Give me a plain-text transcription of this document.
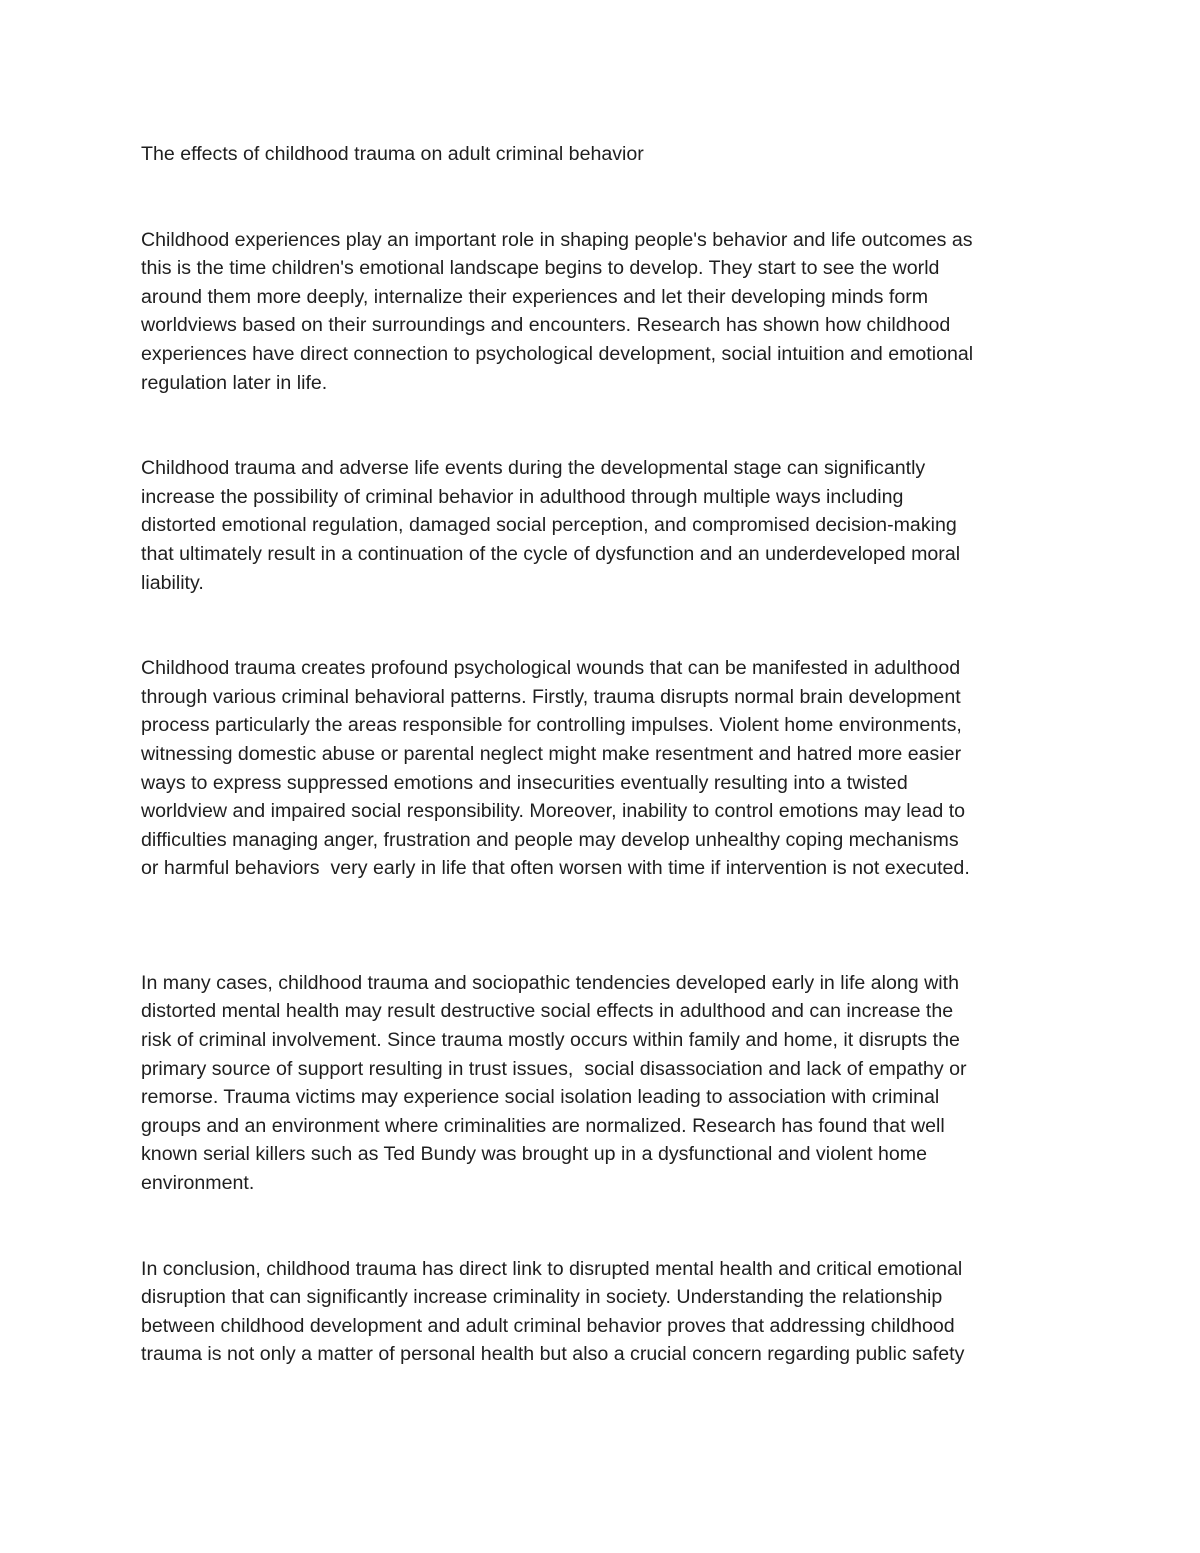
The effects of childhood trauma on adult criminal behavior

Childhood experiences play an important role in shaping people's behavior and life outcomes as
this is the time children's emotional landscape begins to develop. They start to see the world
around them more deeply, internalize their experiences and let their developing minds form
worldviews based on their surroundings and encounters. Research has shown how childhood
experiences have direct connection to psychological development, social intuition and emotional
regulation later in life.

Childhood trauma and adverse life events during the developmental stage can significantly
increase the possibility of criminal behavior in adulthood through multiple ways including
distorted emotional regulation, damaged social perception, and compromised decision-making
that ultimately result in a continuation of the cycle of dysfunction and an underdeveloped moral
liability.

Childhood trauma creates profound psychological wounds that can be manifested in adulthood
through various criminal behavioral patterns. Firstly, trauma disrupts normal brain development
process particularly the areas responsible for controlling impulses. Violent home environments,
witnessing domestic abuse or parental neglect might make resentment and hatred more easier
ways to express suppressed emotions and insecurities eventually resulting into a twisted
worldview and impaired social responsibility. Moreover, inability to control emotions may lead to
difficulties managing anger, frustration and people may develop unhealthy coping mechanisms
or harmful behaviors  very early in life that often worsen with time if intervention is not executed.

In many cases, childhood trauma and sociopathic tendencies developed early in life along with
distorted mental health may result destructive social effects in adulthood and can increase the
risk of criminal involvement. Since trauma mostly occurs within family and home, it disrupts the
primary source of support resulting in trust issues,  social disassociation and lack of empathy or
remorse. Trauma victims may experience social isolation leading to association with criminal
groups and an environment where criminalities are normalized. Research has found that well
known serial killers such as Ted Bundy was brought up in a dysfunctional and violent home
environment.

In conclusion, childhood trauma has direct link to disrupted mental health and critical emotional
disruption that can significantly increase criminality in society. Understanding the relationship
between childhood development and adult criminal behavior proves that addressing childhood
trauma is not only a matter of personal health but also a crucial concern regarding public safety
